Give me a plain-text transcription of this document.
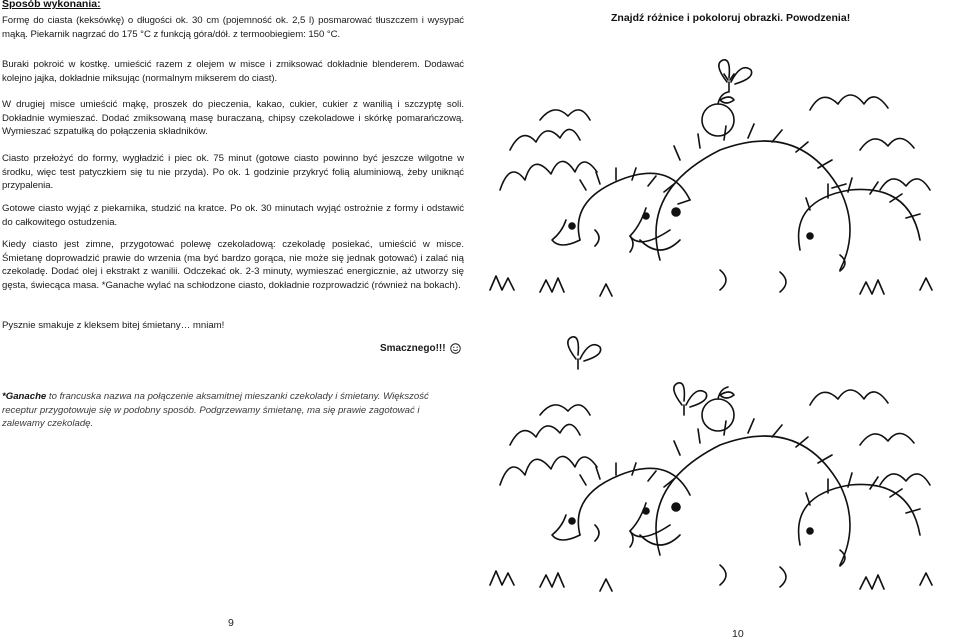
Sposób wykonania:

Formę do ciasta (keksówkę) o długości ok. 30 cm (pojemność ok. 2,5 l) posmarować tłuszczem i wysypać mąką. Piekarnik nagrzać do 175 °C z funkcją góra/dół. z termoobiegiem: 150 °C.

Buraki pokroić w kostkę. umieścić razem z olejem w misce i zmiksować dokładnie blenderem. Dodawać kolejno jajka, dokładnie miksując (normalnym mikserem do ciast).

W drugiej misce umieścić mąkę, proszek do pieczenia, kakao, cukier, cukier z wanilią i szczyptę soli. Dokładnie wymieszać. Dodać zmiksowaną masę buraczaną, chipsy czekoladowe i skórkę pomarańczową. Wymieszać szpatułką do połączenia składników.

Ciasto przełożyć do formy, wygładzić i piec ok. 75 minut (gotowe ciasto powinno być jeszcze wilgotne w środku, więc test patyczkiem się tu nie przyda). Po ok. 1 godzinie przykryć folią aluminiową, żeby uniknąć przypalenia.

Gotowe ciasto wyjąć z piekarnika, studzić na kratce. Po ok. 30 minutach wyjąć ostrożnie z formy i odstawić do całkowitego ostudzenia.

Kiedy ciasto jest zimne, przygotować polewę czekoladową: czekoladę posiekać, umieścić w misce. Śmietanę doprowadzić prawie do wrzenia (ma być bardzo gorąca, nie może się jednak gotować) i zalać nią czekoladę. Dodać olej i ekstrakt z wanilii. Odczekać ok. 2-3 minuty, wymieszać energicznie, aż utworzy się gęsta, świecąca masa. *Ganache wylać na schłodzone ciasto, dokładnie rozprowadzić (również na bokach).

Pysznie smakuje z kleksem bitej śmietany… mniam!
Smacznego!!!
*Ganache to francuska nazwa na połączenie aksamitnej mieszanki czekolady i śmietany. Większość receptur przygotowuje się w podobny sposób. Podgrzewamy śmietanę, ma się prawie zagotować i zalewamy czekoladę.
9
Znajdź różnice i pokoloruj obrazki. Powodzenia!
10
